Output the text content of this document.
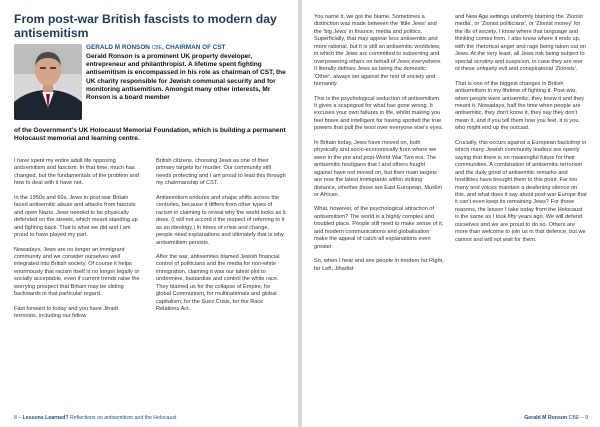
From post-war British fascists to modern day antisemitism
GERALD M RONSON CBE, CHAIRMAN OF CST
Gerald Ronson is a prominent UK property developer, entrepreneur and philanthropist. A lifetime spent fighting antisemitism is encompassed in his role as chairman of CST, the UK charity responsible for Jewish communal security and for monitoring antisemitism. Amongst many other interests, Mr Ronson is a board member
of the Government's UK Holocaust Memorial Foundation, which is building a permanent Holocaust memorial and learning centre.

I have spent my entire adult life opposing antisemitism and fascism. In that time, much has changed, but the fundamentals of the problem and how to deal with it have not.

In the 1950s and 60s, Jews in post-war Britain faced antisemitic abuse and attacks from fascists and open Nazis. Jews needed to be physically defended on the streets, which meant standing up and fighting back. That is what we did and I am proud to have played my part.

Nowadays, Jews are no longer an immigrant community and we consider ourselves well integrated into British society. Of course it helps enormously that racism itself is no longer legally or socially acceptable, even if current trends raise the worrying prospect that Britain may be sliding backwards in that particular regard.

Fast forward to today and you have Jihadi terrorists, including our fellow

British citizens, choosing Jews as one of their primary targets for murder. Our community still needs protecting and I am proud to lead this through my chairmanship of CST.

Antisemitism endures and shape shifts across the centuries, because it differs from other types of racism in claiming to reveal why the world looks as it does. (I will not accord it the respect of referring to it as an ideology.) In times of crisis and change, people need explanations and ultimately that is why antisemitism persists.

After the war, antisemites blamed Jewish financial control of politicians and the media for non-white immigration, claiming it was our latest plot to undermine, bastardise and control the white race. They blamed us for the collapse of Empire, for global Communism, for multinationals and global capitalism, for the Suez Crisis, for the Race Relations Act.

8 – Lessons Learned? Reflections on antisemitism and the Holocaust

You name it, we got the blame. Sometimes a distinction was made between the 'little Jews' and the 'big Jews' in finance, media and politics. Superficially, that may appear less antisemitic and more rational, but it is still an antisemitic worldview, in which the Jews are committed to subverting and overpowering others on behalf of Jews everywhere. It literally defines Jews as being the domestic 'Other', always set against the rest of society and humanity.

This is the psychological seduction of antisemitism. It gives a scapegoat for what has gone wrong. It excuses your own failures in life, whilst making you feel brave and intelligent for having spotted the true powers that pull the wool over everyone else's eyes.

In Britain today, Jews have moved on, both physically and socio-economically from where we were in the pre and post-World War Two era. The antisemitic hooligans that I and others fought against have not moved on, but their main targets are now the latest immigrants within striking distance, whether those are East European, Muslim or African.

What, however, of the psychological attraction of antisemitism? The world is a highly complex and troubled place. People still need to make sense of it, and modern communications and globalisation make the appeal of catch-all explanations even greater.

So, when I hear and see people in modern far Right, far Left, Jihadist

and New Age settings uniformly blaming the 'Zionist media', or 'Zionist politicians', or 'Zionist money' for the ills of society, I know where that language and thinking comes from. I also know where it ends up, with the rhetorical anger and rage being taken out on Jews. At the very least, all Jews risk being subject to special scrutiny and suspicion, in case they are one of these uniquely evil and conspiratorial 'Zionists'.

That is one of the biggest changes in British antisemitism in my lifetime of fighting it. Post-war, when people were antisemitic, they knew it and they meant it. Nowadays, half the time when people are antisemitic, they don't know it, they say they don't mean it, and if you tell them how you feel, it is you who might end up the outcast.

Crucially, this occurs against a European backdrop in which many Jewish community leaders are openly saying that there is no meaningful future for their communities. A combination of antisemitic terrorism and the daily grind of antisemitic remarks and hostilities have brought them to this point. Far too many and voices maintain a deafening silence on this, and what does it say about post-war Europe that it can't even keep its remaining Jews? For those reasons, the lesson I take today from the Holocaust is the same as I took fifty years ago. We will defend ourselves and we are proud to do so. Others are more than welcome to join us in that defence, but we cannot and will not wait for them.

Gerald M Ronson CBE – 9
